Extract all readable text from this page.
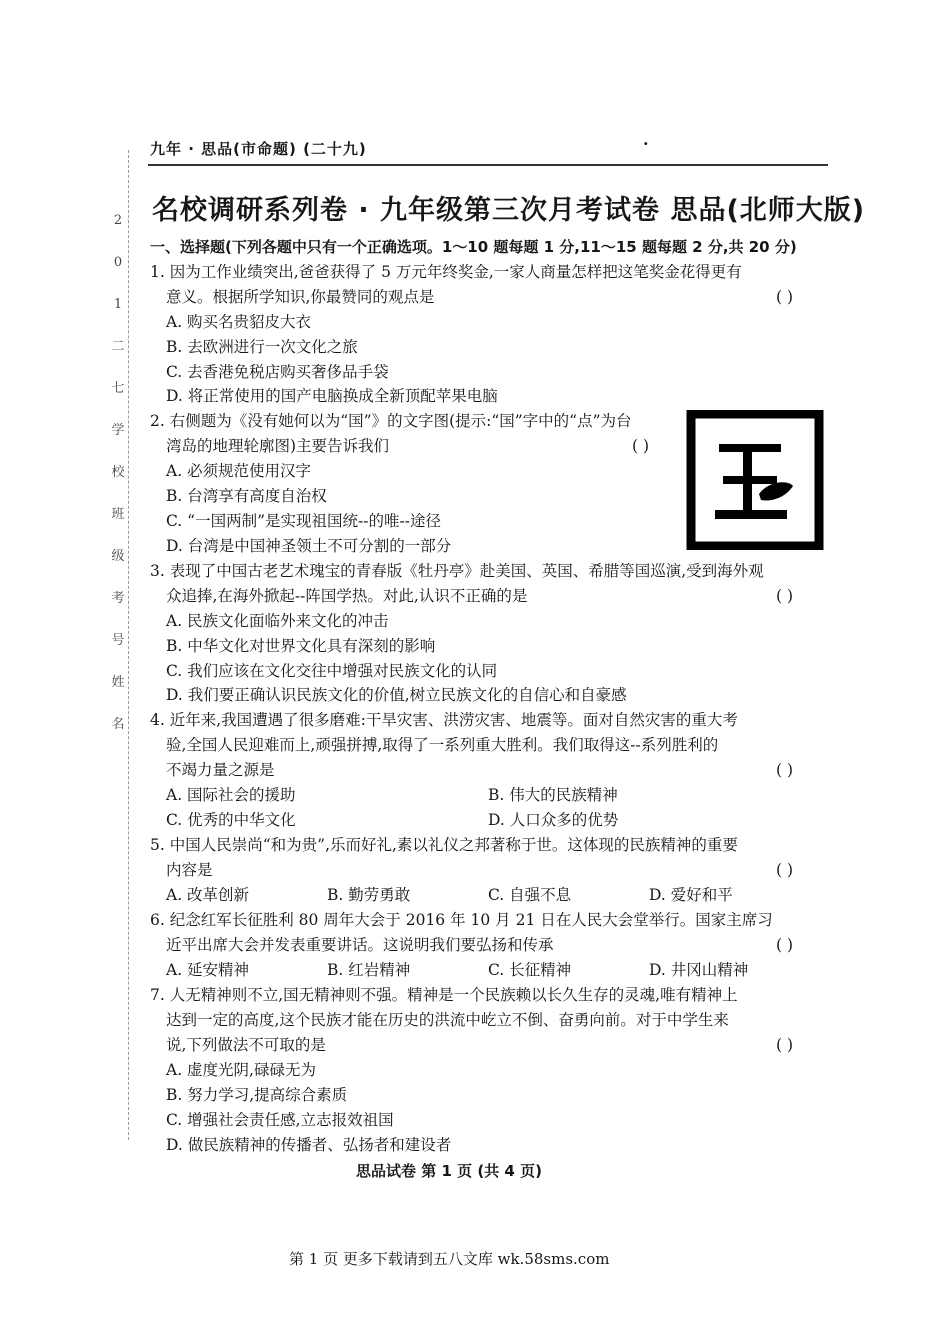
2
0
1
二
七
学
校
班
级
考
号
姓
名
九年 · 思品(市命题) (二十九)	·
名校调研系列卷 · 九年级第三次月考试卷 思品(北师大版)
一、选择题(下列各题中只有一个正确选项。1～10 题每题 1 分,11～15 题每题 2 分,共 20 分)
1. 因为工作业绩突出,爸爸获得了 5 万元年终奖金,一家人商量怎样把这笔奖金花得更有
意义。根据所学知识,你最赞同的观点是	( )
A. 购买名贵貂皮大衣
B. 去欧洲进行一次文化之旅
C. 去香港免税店购买奢侈品手袋
D. 将正常使用的国产电脑换成全新顶配苹果电脑
2. 右侧题为《没有她何以为“国”》的文字图(提示:“国”字中的“点”为台
湾岛的地理轮廓图)主要告诉我们	( )
A. 必须规范使用汉字
B. 台湾享有高度自治权
C. “一国两制”是实现祖国统--的唯--途径
D. 台湾是中国神圣领土不可分割的一部分
3. 表现了中国古老艺术瑰宝的青春版《牡丹亭》赴美国、英国、希腊等国巡演,受到海外观
众追捧,在海外掀起--阵国学热。对此,认识不正确的是	( )
A. 民族文化面临外来文化的冲击
B. 中华文化对世界文化具有深刻的影响
C. 我们应该在文化交往中增强对民族文化的认同
D. 我们要正确认识民族文化的价值,树立民族文化的自信心和自豪感
4. 近年来,我国遭遇了很多磨难:干旱灾害、洪涝灾害、地震等。面对自然灾害的重大考
验,全国人民迎难而上,顽强拼搏,取得了一系列重大胜利。我们取得这--系列胜利的
不竭力量之源是	( )
A. 国际社会的援助	B. 伟大的民族精神
C. 优秀的中华文化	D. 人口众多的优势
5. 中国人民崇尚“和为贵”,乐而好礼,素以礼仪之邦著称于世。这体现的民族精神的重要
内容是	( )
A. 改革创新	B. 勤劳勇敢	C. 自强不息	D. 爱好和平
6. 纪念红军长征胜利 80 周年大会于 2016 年 10 月 21 日在人民大会堂举行。国家主席习
近平出席大会并发表重要讲话。这说明我们要弘扬和传承	( )
A. 延安精神	B. 红岩精神	C. 长征精神	D. 井冈山精神
7. 人无精神则不立,国无精神则不强。精神是一个民族赖以长久生存的灵魂,唯有精神上
达到一定的高度,这个民族才能在历史的洪流中屹立不倒、奋勇向前。对于中学生来
说,下列做法不可取的是	( )
A. 虚度光阴,碌碌无为
B. 努力学习,提高综合素质
C. 增强社会责任感,立志报效祖国
D. 做民族精神的传播者、弘扬者和建设者
思品试卷 第 1 页 (共 4 页)
第 1 页 更多下载请到五八文库 wk.58sms.com
